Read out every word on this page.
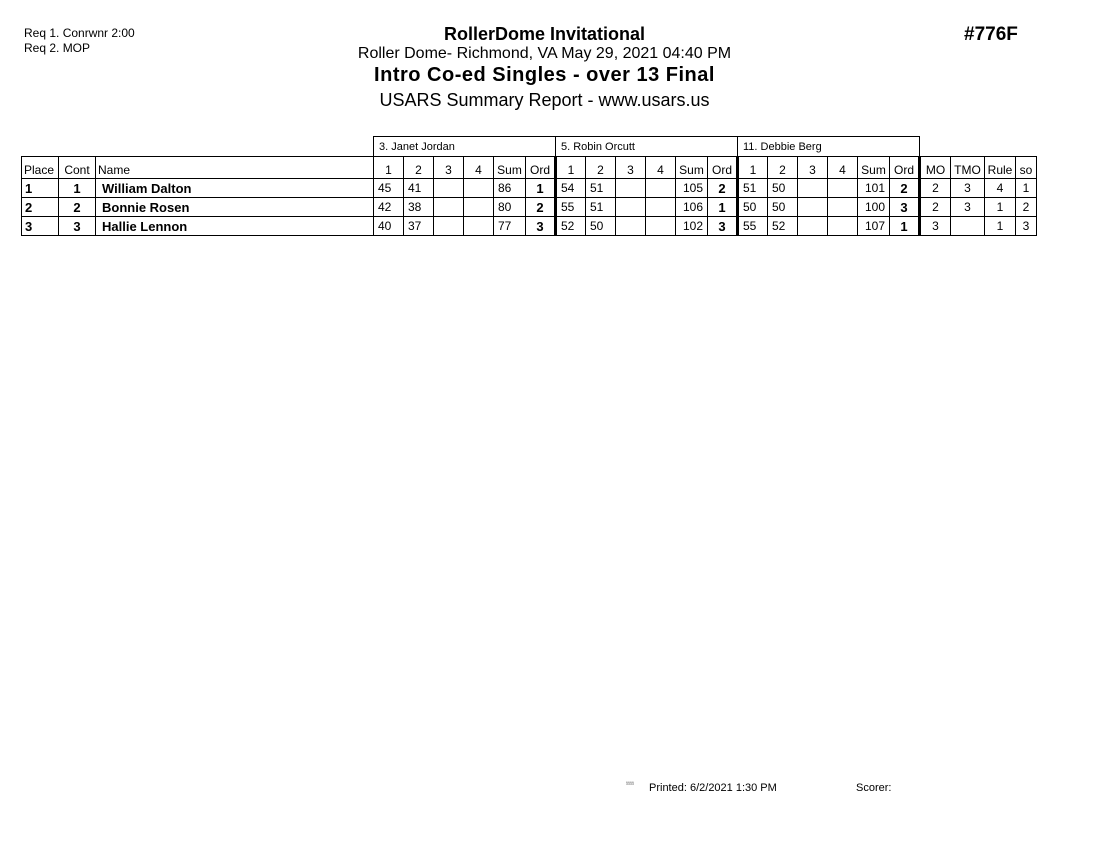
Req 1. Conrwnr 2:00
Req 2. MOP
#776F
RollerDome Invitational
Roller Dome- Richmond, VA May 29, 2021 04:40 PM
Intro Co-ed Singles - over 13 Final
USARS Summary Report - www.usars.us
			3. Janet Jordan						5. Robin Orcutt						11. Debbie Berg									
Place	Cont	Name	1	2	3	4	Sum	Ord	1	2	3	4	Sum	Ord	1	2	3	4	Sum	Ord	MO	TMO	Rule	so
1	1	William Dalton	45	41			86	1	54	51			105	2	51	50			101	2	2	3	4	1
2	2	Bonnie Rosen	42	38			80	2	55	51			106	1	50	50			100	3	2	3	1	2
3	3	Hallie Lennon	40	37			77	3	52	50			102	3	55	52			107	1	3		1	3
¹¹¹¹ Printed: 6/2/2021 1:30 PM	Scorer:
